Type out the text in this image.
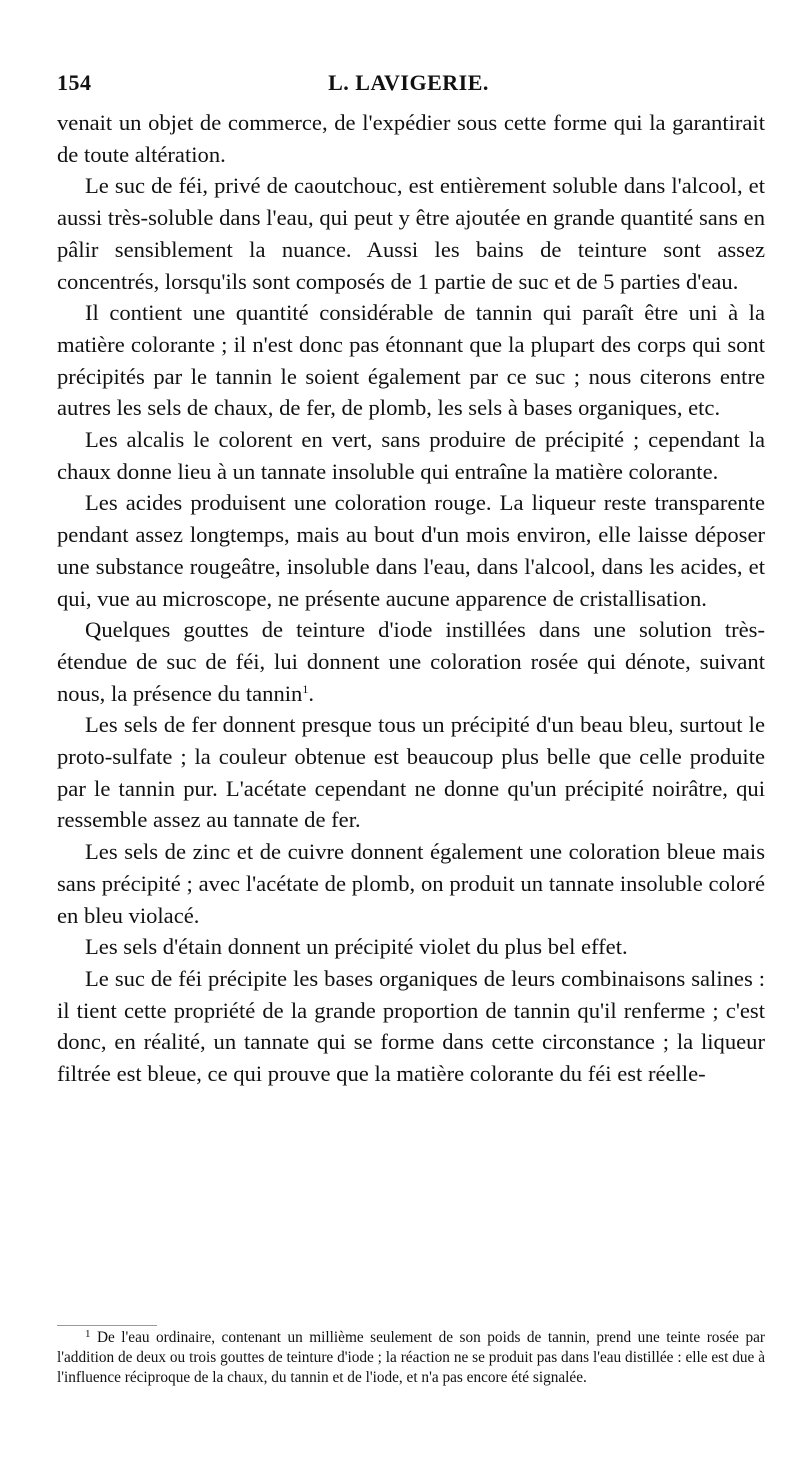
154	L. LAVIGERIE.

venait un objet de commerce, de l'expédier sous cette forme qui la garantirait de toute altération.

Le suc de féi, privé de caoutchouc, est entièrement soluble dans l'alcool, et aussi très-soluble dans l'eau, qui peut y être ajoutée en grande quantité sans en pâlir sensiblement la nuance. Aussi les bains de teinture sont assez concentrés, lorsqu'ils sont composés de 1 partie de suc et de 5 parties d'eau.

Il contient une quantité considérable de tannin qui paraît être uni à la matière colorante ; il n'est donc pas étonnant que la plupart des corps qui sont précipités par le tannin le soient également par ce suc ; nous citerons entre autres les sels de chaux, de fer, de plomb, les sels à bases organiques, etc.

Les alcalis le colorent en vert, sans produire de précipité ; cependant la chaux donne lieu à un tannate insoluble qui entraîne la matière colorante.

Les acides produisent une coloration rouge. La liqueur reste transparente pendant assez longtemps, mais au bout d'un mois environ, elle laisse déposer une substance rougeâtre, insoluble dans l'eau, dans l'alcool, dans les acides, et qui, vue au microscope, ne présente aucune apparence de cristallisation.

Quelques gouttes de teinture d'iode instillées dans une solution très-étendue de suc de féi, lui donnent une coloration rosée qui dénote, suivant nous, la présence du tannin$^1$.

Les sels de fer donnent presque tous un précipité d'un beau bleu, surtout le proto-sulfate ; la couleur obtenue est beaucoup plus belle que celle produite par le tannin pur. L'acétate cependant ne donne qu'un précipité noirâtre, qui ressemble assez au tannate de fer.

Les sels de zinc et de cuivre donnent également une coloration bleue mais sans précipité ; avec l'acétate de plomb, on produit un tannate insoluble coloré en bleu violacé.

Les sels d'étain donnent un précipité violet du plus bel effet.

Le suc de féi précipite les bases organiques de leurs combinaisons salines : il tient cette propriété de la grande proportion de tannin qu'il renferme ; c'est donc, en réalité, un tannate qui se forme dans cette circonstance ; la liqueur filtrée est bleue, ce qui prouve que la matière colorante du féi est réelle-

$^1$ De l'eau ordinaire, contenant un millième seulement de son poids de tannin, prend une teinte rosée par l'addition de deux ou trois gouttes de teinture d'iode ; la réaction ne se produit pas dans l'eau distillée : elle est due à l'influence réciproque de la chaux, du tannin et de l'iode, et n'a pas encore été signalée.
